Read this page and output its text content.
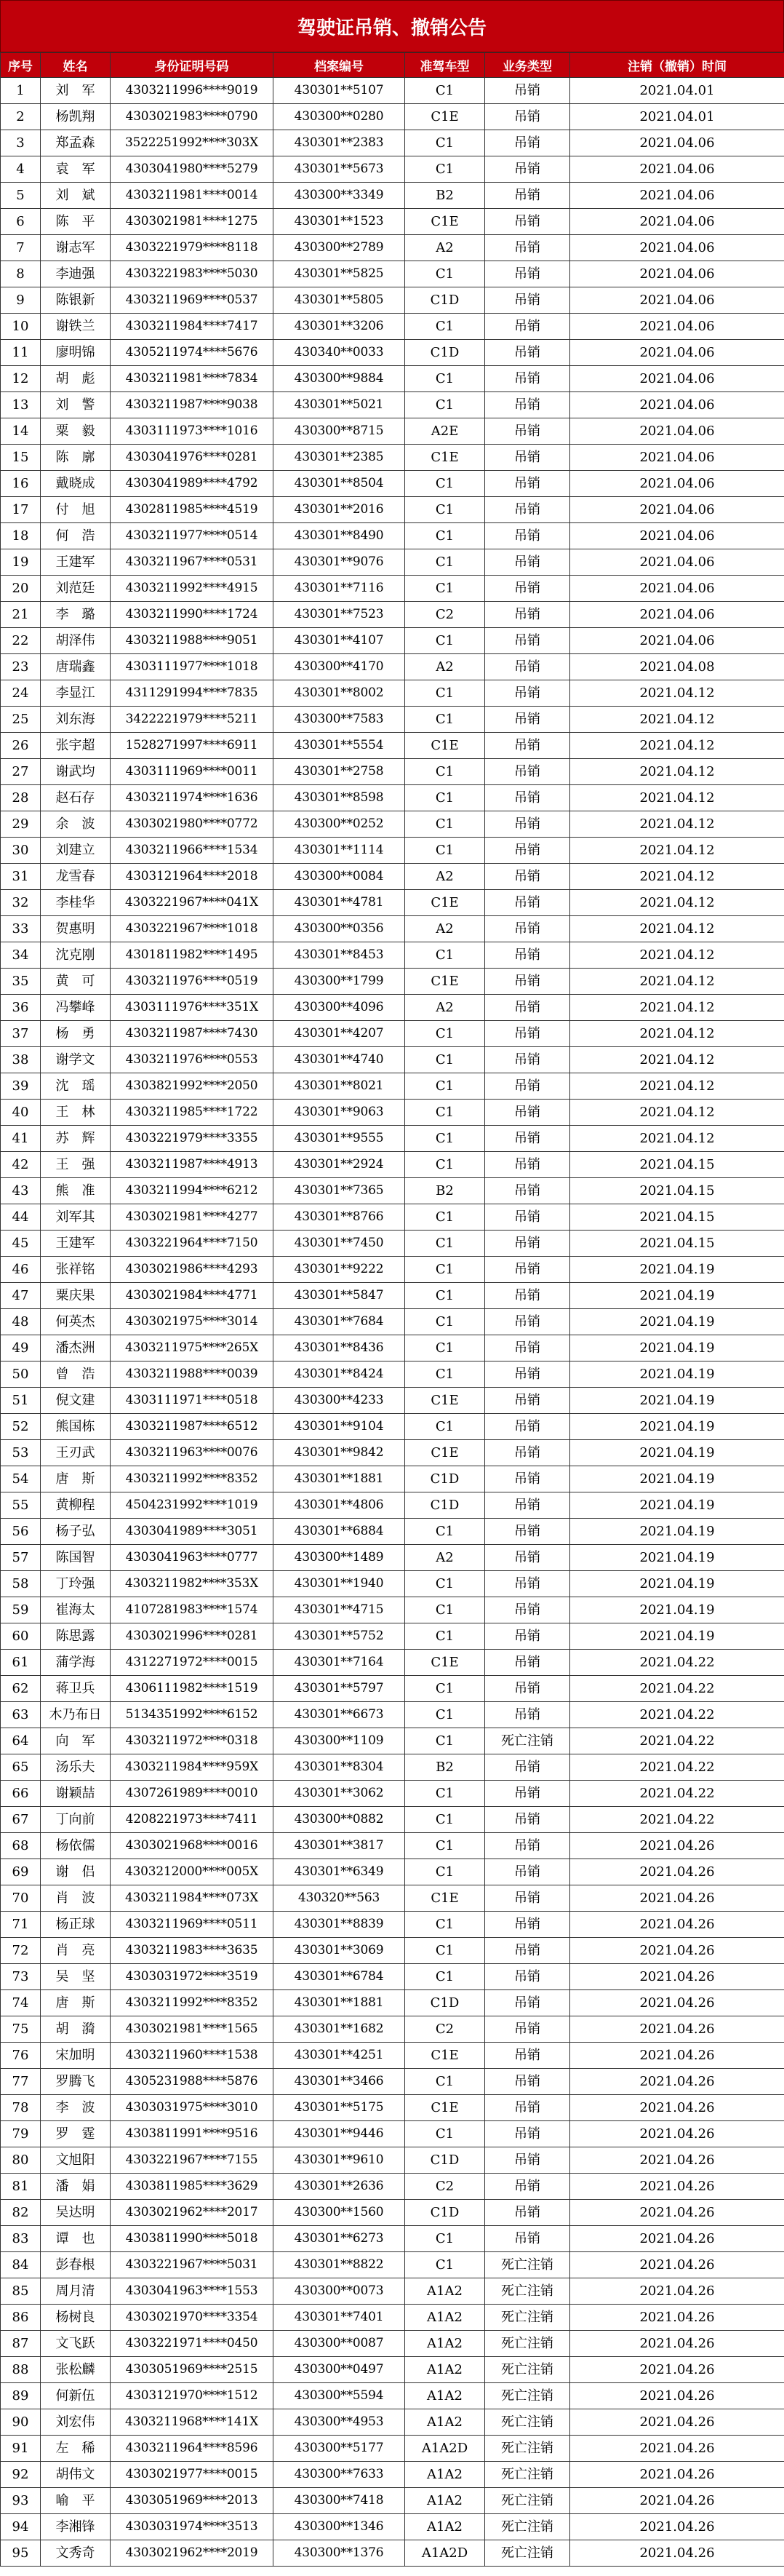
驾驶证吊销、撤销公告
序号	姓名	身份证明号码	档案编号	准驾车型	业务类型	注销（撤销）时间
1	刘　军	4303211996****9019	430301**5107	C1	吊销	2021.04.01
2	杨凯翔	4303021983****0790	430300**0280	C1E	吊销	2021.04.01
3	郑孟森	3522251992****303X	430301**2383	C1	吊销	2021.04.06
4	袁　军	4303041980****5279	430301**5673	C1	吊销	2021.04.06
5	刘　斌	4303211981****0014	430300**3349	B2	吊销	2021.04.06
6	陈　平	4303021981****1275	430301**1523	C1E	吊销	2021.04.06
7	谢志军	4303221979****8118	430300**2789	A2	吊销	2021.04.06
8	李迪强	4303221983****5030	430301**5825	C1	吊销	2021.04.06
9	陈银新	4303211969****0537	430301**5805	C1D	吊销	2021.04.06
10	谢铁兰	4303211984****7417	430301**3206	C1	吊销	2021.04.06
11	廖明锦	4305211974****5676	430340**0033	C1D	吊销	2021.04.06
12	胡　彪	4303211981****7834	430300**9884	C1	吊销	2021.04.06
13	刘　警	4303211987****9038	430301**5021	C1	吊销	2021.04.06
14	粟　毅	4303111973****1016	430300**8715	A2E	吊销	2021.04.06
15	陈　廓	4303041976****0281	430301**2385	C1E	吊销	2021.04.06
16	戴晓成	4303041989****4792	430301**8504	C1	吊销	2021.04.06
17	付　旭	4302811985****4519	430301**2016	C1	吊销	2021.04.06
18	何　浩	4303211977****0514	430301**8490	C1	吊销	2021.04.06
19	王建军	4303211967****0531	430301**9076	C1	吊销	2021.04.06
20	刘范廷	4303211992****4915	430301**7116	C1	吊销	2021.04.06
21	李　璐	4303211990****1724	430301**7523	C2	吊销	2021.04.06
22	胡泽伟	4303211988****9051	430301**4107	C1	吊销	2021.04.06
23	唐瑞鑫	4303111977****1018	430300**4170	A2	吊销	2021.04.08
24	李显江	4311291994****7835	430301**8002	C1	吊销	2021.04.12
25	刘东海	3422221979****5211	430300**7583	C1	吊销	2021.04.12
26	张宇超	1528271997****6911	430301**5554	C1E	吊销	2021.04.12
27	谢武均	4303111969****0011	430301**2758	C1	吊销	2021.04.12
28	赵石存	4303211974****1636	430301**8598	C1	吊销	2021.04.12
29	余　波	4303021980****0772	430300**0252	C1	吊销	2021.04.12
30	刘建立	4303211966****1534	430301**1114	C1	吊销	2021.04.12
31	龙雪春	4303121964****2018	430300**0084	A2	吊销	2021.04.12
32	李桂华	4303221967****041X	430301**4781	C1E	吊销	2021.04.12
33	贺惠明	4303221967****1018	430300**0356	A2	吊销	2021.04.12
34	沈克刚	4301811982****1495	430301**8453	C1	吊销	2021.04.12
35	黄　可	4303211976****0519	430300**1799	C1E	吊销	2021.04.12
36	冯攀峰	4303111976****351X	430300**4096	A2	吊销	2021.04.12
37	杨　勇	4303211987****7430	430301**4207	C1	吊销	2021.04.12
38	谢学文	4303211976****0553	430301**4740	C1	吊销	2021.04.12
39	沈　瑶	4303821992****2050	430301**8021	C1	吊销	2021.04.12
40	王　林	4303211985****1722	430301**9063	C1	吊销	2021.04.12
41	苏　辉	4303221979****3355	430301**9555	C1	吊销	2021.04.12
42	王　强	4303211987****4913	430301**2924	C1	吊销	2021.04.15
43	熊　准	4303211994****6212	430301**7365	B2	吊销	2021.04.15
44	刘军其	4303021981****4277	430301**8766	C1	吊销	2021.04.15
45	王建军	4303221964****7150	430301**7450	C1	吊销	2021.04.15
46	张祥铭	4303021986****4293	430301**9222	C1	吊销	2021.04.19
47	粟庆果	4303021984****4771	430301**5847	C1	吊销	2021.04.19
48	何英杰	4303021975****3014	430301**7684	C1	吊销	2021.04.19
49	潘杰洲	4303211975****265X	430301**8436	C1	吊销	2021.04.19
50	曾　浩	4303211988****0039	430301**8424	C1	吊销	2021.04.19
51	倪文建	4303111971****0518	430300**4233	C1E	吊销	2021.04.19
52	熊国栋	4303211987****6512	430301**9104	C1	吊销	2021.04.19
53	王刃武	4303211963****0076	430301**9842	C1E	吊销	2021.04.19
54	唐　斯	4303211992****8352	430301**1881	C1D	吊销	2021.04.19
55	黄柳程	4504231992****1019	430301**4806	C1D	吊销	2021.04.19
56	杨子弘	4303041989****3051	430301**6884	C1	吊销	2021.04.19
57	陈国智	4303041963****0777	430300**1489	A2	吊销	2021.04.19
58	丁玲强	4303211982****353X	430301**1940	C1	吊销	2021.04.19
59	崔海太	4107281983****1574	430301**4715	C1	吊销	2021.04.19
60	陈思露	4303021996****0281	430301**5752	C1	吊销	2021.04.19
61	蒲学海	4312271972****0015	430301**7164	C1E	吊销	2021.04.22
62	蒋卫兵	4306111982****1519	430301**5797	C1	吊销	2021.04.22
63	木乃布日	5134351992****6152	430301**6673	C1	吊销	2021.04.22
64	向　军	4303211972****0318	430300**1109	C1	死亡注销	2021.04.22
65	汤乐夫	4303211984****959X	430301**8304	B2	吊销	2021.04.22
66	谢颖喆	4307261989****0010	430301**3062	C1	吊销	2021.04.22
67	丁向前	4208221973****7411	430300**0882	C1	吊销	2021.04.22
68	杨依儒	4303021968****0016	430301**3817	C1	吊销	2021.04.26
69	谢　侣	4303212000****005X	430301**6349	C1	吊销	2021.04.26
70	肖　波	4303211984****073X	430320**563	C1E	吊销	2021.04.26
71	杨正球	4303211969****0511	430301**8839	C1	吊销	2021.04.26
72	肖　亮	4303211983****3635	430301**3069	C1	吊销	2021.04.26
73	吴　坚	4303031972****3519	430301**6784	C1	吊销	2021.04.26
74	唐　斯	4303211992****8352	430301**1881	C1D	吊销	2021.04.26
75	胡　漪	4303021981****1565	430301**1682	C2	吊销	2021.04.26
76	宋加明	4303211960****1538	430301**4251	C1E	吊销	2021.04.26
77	罗腾飞	4305231988****5876	430301**3466	C1	吊销	2021.04.26
78	李　波	4303031975****3010	430301**5175	C1E	吊销	2021.04.26
79	罗　霆	4303811991****9516	430301**9446	C1	吊销	2021.04.26
80	文旭阳	4303221967****7155	430301**9610	C1D	吊销	2021.04.26
81	潘　娟	4303811985****3629	430301**2636	C2	吊销	2021.04.26
82	吴达明	4303021962****2017	430300**1560	C1D	吊销	2021.04.26
83	谭　也	4303811990****5018	430301**6273	C1	吊销	2021.04.26
84	彭春根	4303221967****5031	430301**8822	C1	死亡注销	2021.04.26
85	周月清	4303041963****1553	430300**0073	A1A2	死亡注销	2021.04.26
86	杨树良	4303021970****3354	430301**7401	A1A2	死亡注销	2021.04.26
87	文飞跃	4303221971****0450	430300**0087	A1A2	死亡注销	2021.04.26
88	张松麟	4303051969****2515	430300**0497	A1A2	死亡注销	2021.04.26
89	何新伍	4303121970****1512	430300**5594	A1A2	死亡注销	2021.04.26
90	刘宏伟	4303211968****141X	430300**4953	A1A2	死亡注销	2021.04.26
91	左　稀	4303211964****8596	430300**5177	A1A2D	死亡注销	2021.04.26
92	胡伟文	4303021977****0015	430300**7633	A1A2	死亡注销	2021.04.26
93	喻　平	4303051969****2013	430300**7418	A1A2	死亡注销	2021.04.26
94	李湘锋	4303031974****3513	430300**1346	A1A2	死亡注销	2021.04.26
95	文秀奇	4303021962****2019	430300**1376	A1A2D	死亡注销	2021.04.26
